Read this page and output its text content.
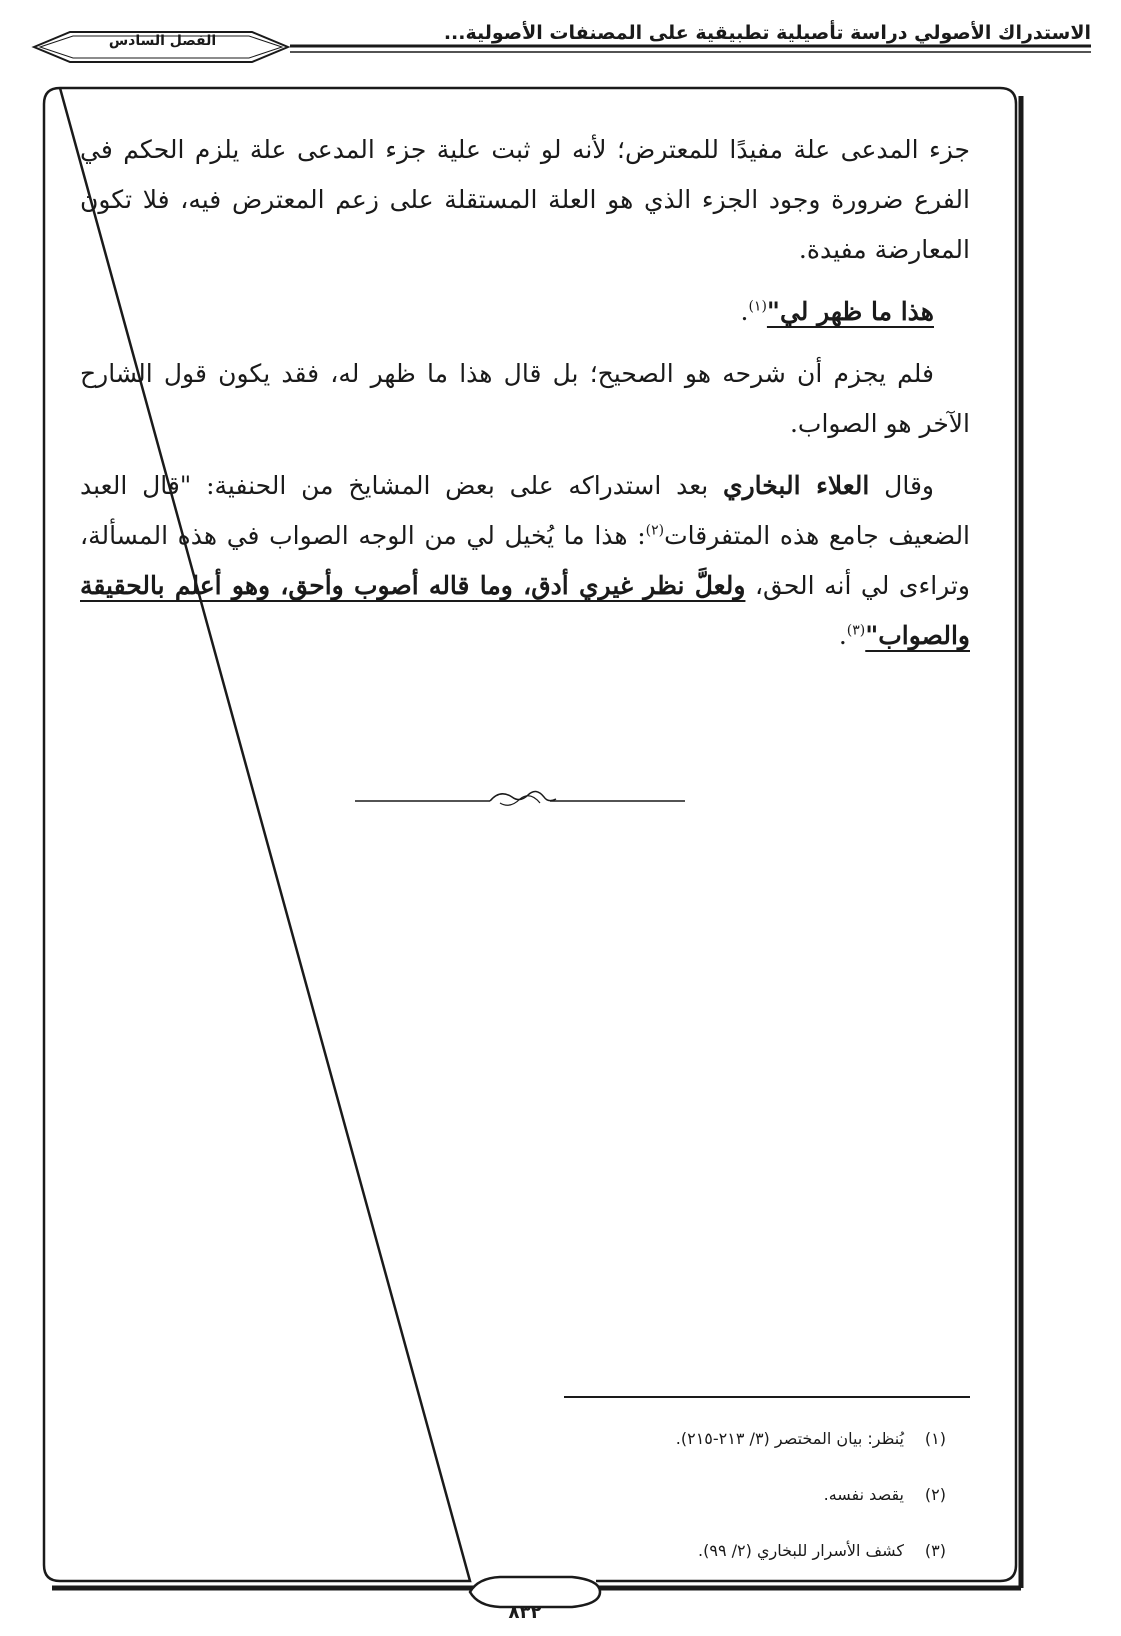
الاستدراك الأصولي دراسة تأصيلية تطبيقية على المصنفات الأصولية...
الفصل السادس

جزء المدعى علة مفيدًا للمعترض؛ لأنه لو ثبت علية جزء المدعى علة يلزم الحكم في الفرع ضرورة وجود الجزء الذي هو العلة المستقلة على زعم المعترض فيه، فلا تكون المعارضة مفيدة.

هذا ما ظهر لي"$^{(١)}$.

فلم يجزم أن شرحه هو الصحيح؛ بل قال هذا ما ظهر له، فقد يكون قول الشارح الآخر هو الصواب.

وقال العلاء البخاري بعد استدراكه على بعض المشايخ من الحنفية: "قال العبد الضعيف جامع هذه المتفرقات$^{(٢)}$: هذا ما يُخيل لي من الوجه الصواب في هذه المسألة، وتراءى لي أنه الحق، ولعلَّ نظر غيري أدق، وما قاله أصوب وأحق، وهو أعلم بالحقيقة والصواب"$^{(٣)}$.

(١)يُنظر: بيان المختصر (٣/ ٢١٣-٢١٥).
(٢)يقصد نفسه.
(٣)كشف الأسرار للبخاري (٢/ ٩٩).
٨٣٢
